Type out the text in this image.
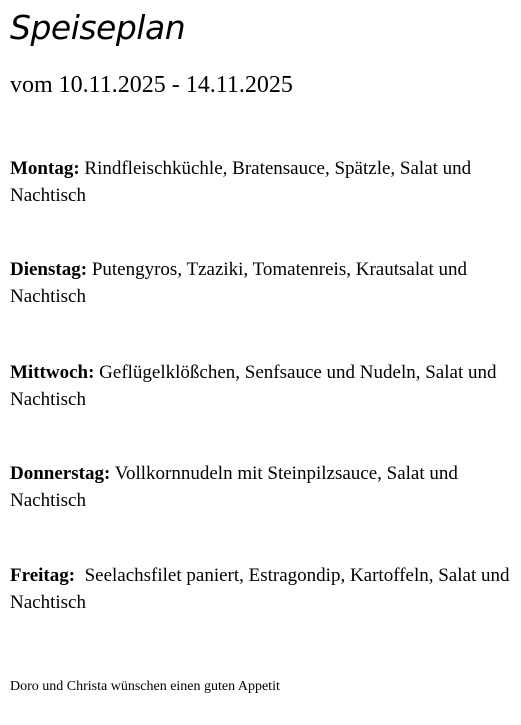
Speiseplan

vom 10.11.2025 - 14.11.2025

Montag: Rindfleischküchle, Bratensauce, Spätzle, Salat und Nachtisch

Dienstag: Putengyros, Tzaziki, Tomatenreis, Krautsalat und Nachtisch

Mittwoch: Geflügelklößchen, Senfsauce und Nudeln, Salat und Nachtisch

Donnerstag: Vollkornnudeln mit Steinpilzsauce, Salat und Nachtisch

Freitag: Seelachsfilet paniert, Estragondip, Kartoffeln, Salat und Nachtisch

Doro und Christa wünschen einen guten Appetit
